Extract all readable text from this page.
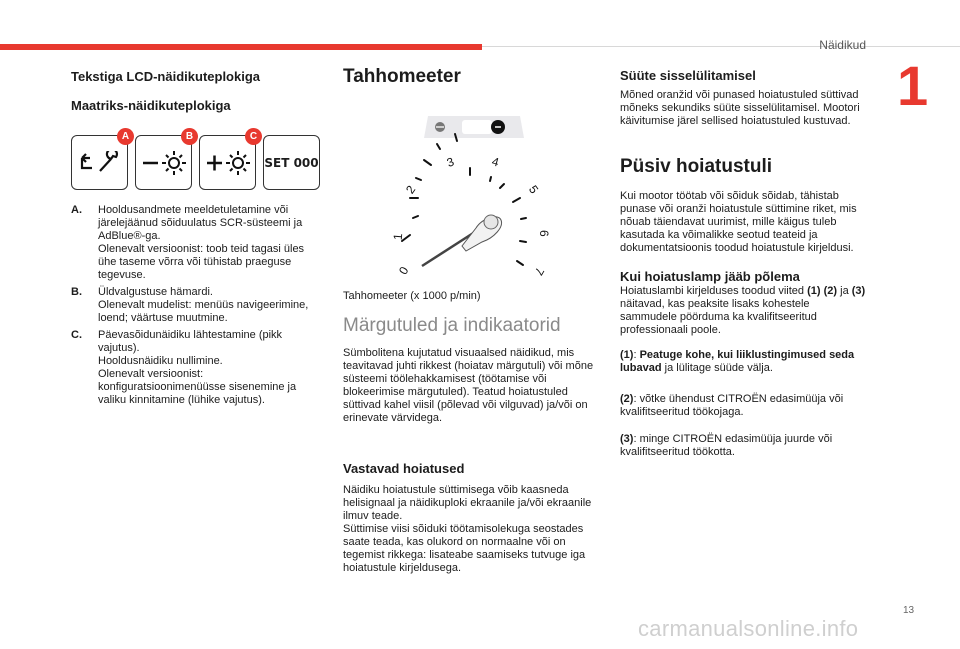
Näidikud
1
13
carmanualsonline.info

Tekstiga LCD-näidikuteplokiga

Maatriks-näidikuteplokiga

A	B	C
SET 000
A.	Hooldusandmete meeldetuletamine või järelejäänud sõiduulatus SCR-süsteemi ja AdBlue®-ga.
Olenevalt versioonist: toob teid tagasi üles ühe taseme võrra või tühistab praeguse tegevuse.
B.	Üldvalgustuse hämardi.
Olenevalt mudelist: menüüs navigeerimine, loend; väärtuse muutmine.
C.	Päevasõidunäidiku lähtestamine (pikk vajutus).
Hooldusnäidiku nullimine.
Olenevalt versioonist: konfiguratsioonimenüüsse sisenemine ja valiku kinnitamine (lühike vajutus).

Tahhomeeter

0
1
2
3	4
5
6
7

Tahhomeeter (x 1000 p/min)

Märgutuled ja indikaatorid

Sümbolitena kujutatud visuaalsed näidikud, mis teavitavad juhti rikkest (hoiatav märgutuli) või mõne süsteemi töölehakkamisest (töötamise või blokeerimise märgutuled). Teatud hoiatustuled süttivad kahel viisil (põlevad või vilguvad) ja/või on erinevate värvidega.

Vastavad hoiatused

Näidiku hoiatustule süttimisega võib kaasneda helisignaal ja näidikuploki ekraanile ja/või ekraanile ilmuv teade.
Süttimise viisi sõiduki töötamisolekuga seostades saate teada, kas olukord on normaalne või on tegemist rikkega: lisateabe saamiseks tutvuge iga hoiatustule kirjeldusega.

Süüte sisselülitamisel

Mõned oranžid või punased hoiatustuled süttivad mõneks sekundiks süüte sisselülitamisel. Mootori käivitumise järel sellised hoiatustuled kustuvad.

Püsiv hoiatustuli

Kui mootor töötab või sõiduk sõidab, tähistab punase või oranži hoiatustule süttimine riket, mis nõuab täiendavat uurimist, mille käigus tuleb kasutada ka võimalikke seotud teateid ja dokumentatsioonis toodud hoiatustule kirjeldusi.

Kui hoiatuslamp jääb põlema

Hoiatuslambi kirjelduses toodud viited (1) (2) ja (3) näitavad, kas peaksite lisaks kohestele sammudele pöörduma ka kvalifitseeritud professionaali poole.

(1): Peatuge kohe, kui liiklustingimused seda lubavad ja lülitage süüde välja.

(2): võtke ühendust CITROËN edasimüüja või kvalifitseeritud töökojaga.

(3): minge CITROËN edasimüüja juurde või kvalifitseeritud töökotta.
